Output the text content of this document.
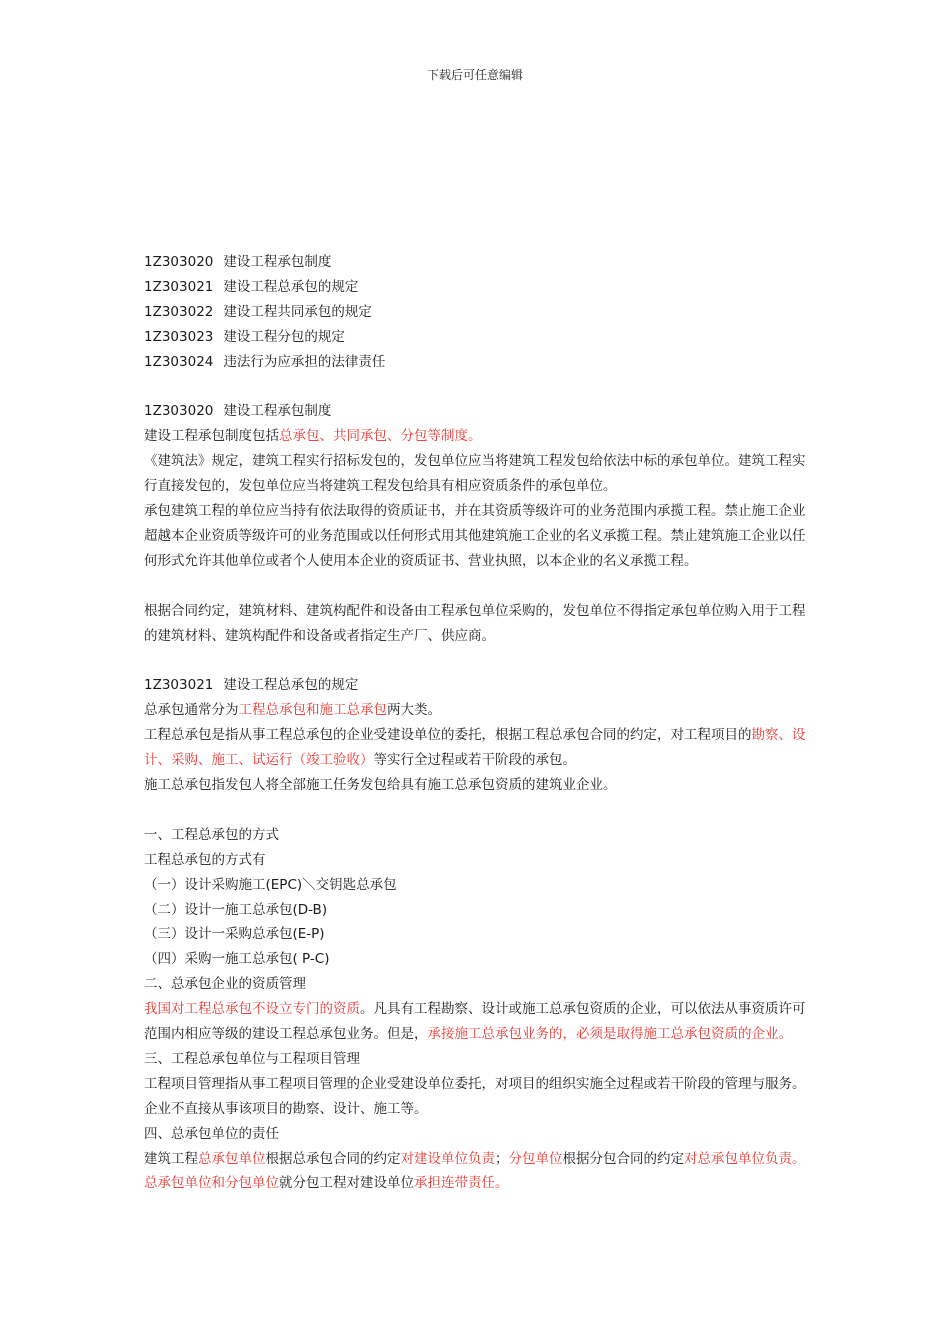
下载后可任意编辑
1Z303020 建设工程承包制度
1Z303021 建设工程总承包的规定
1Z303022 建设工程共同承包的规定
1Z303023 建设工程分包的规定
1Z303024 违法行为应承担的法律责任
1Z303020 建设工程承包制度
建设工程承包制度包括总承包、共同承包、分包等制度。
《建筑法》规定，建筑工程实行招标发包的，发包单位应当将建筑工程发包给依法中标的承包单位。建筑工程实行直接发包的，发包单位应当将建筑工程发包给具有相应资质条件的承包单位。
承包建筑工程的单位应当持有依法取得的资质证书，并在其资质等级许可的业务范围内承揽工程。禁止施工企业超越本企业资质等级许可的业务范围或以任何形式用其他建筑施工企业的名义承揽工程。禁止建筑施工企业以任何形式允许其他单位或者个人使用本企业的资质证书、营业执照，以本企业的名义承揽工程。
根据合同约定，建筑材料、建筑构配件和设备由工程承包单位采购的，发包单位不得指定承包单位购入用于工程的建筑材料、建筑构配件和设备或者指定生产厂、供应商。
1Z303021 建设工程总承包的规定
总承包通常分为工程总承包和施工总承包两大类。
工程总承包是指从事工程总承包的企业受建设单位的委托，根据工程总承包合同的约定，对工程项目的勘察、设计、采购、施工、试运行（竣工验收）等实行全过程或若干阶段的承包。
施工总承包指发包人将全部施工任务发包给具有施工总承包资质的建筑业企业。
一、工程总承包的方式
工程总承包的方式有
（一）设计采购施工(EPC)＼交钥匙总承包
（二）设计一施工总承包(D-B)
（三）设计一采购总承包(E-P)
（四）采购一施工总承包( P-C)
二、总承包企业的资质管理
我国对工程总承包不设立专门的资质。凡具有工程勘察、设计或施工总承包资质的企业，可以依法从事资质许可范围内相应等级的建设工程总承包业务。但是，承接施工总承包业务的，必须是取得施工总承包资质的企业。
三、工程总承包单位与工程项目管理
工程项目管理指从事工程项目管理的企业受建设单位委托，对项目的组织实施全过程或若干阶段的管理与服务。企业不直接从事该项目的勘察、设计、施工等。
四、总承包单位的责任
建筑工程总承包单位根据总承包合同的约定对建设单位负责；分包单位根据分包合同的约定对总承包单位负责。总承包单位和分包单位就分包工程对建设单位承担连带责任。
